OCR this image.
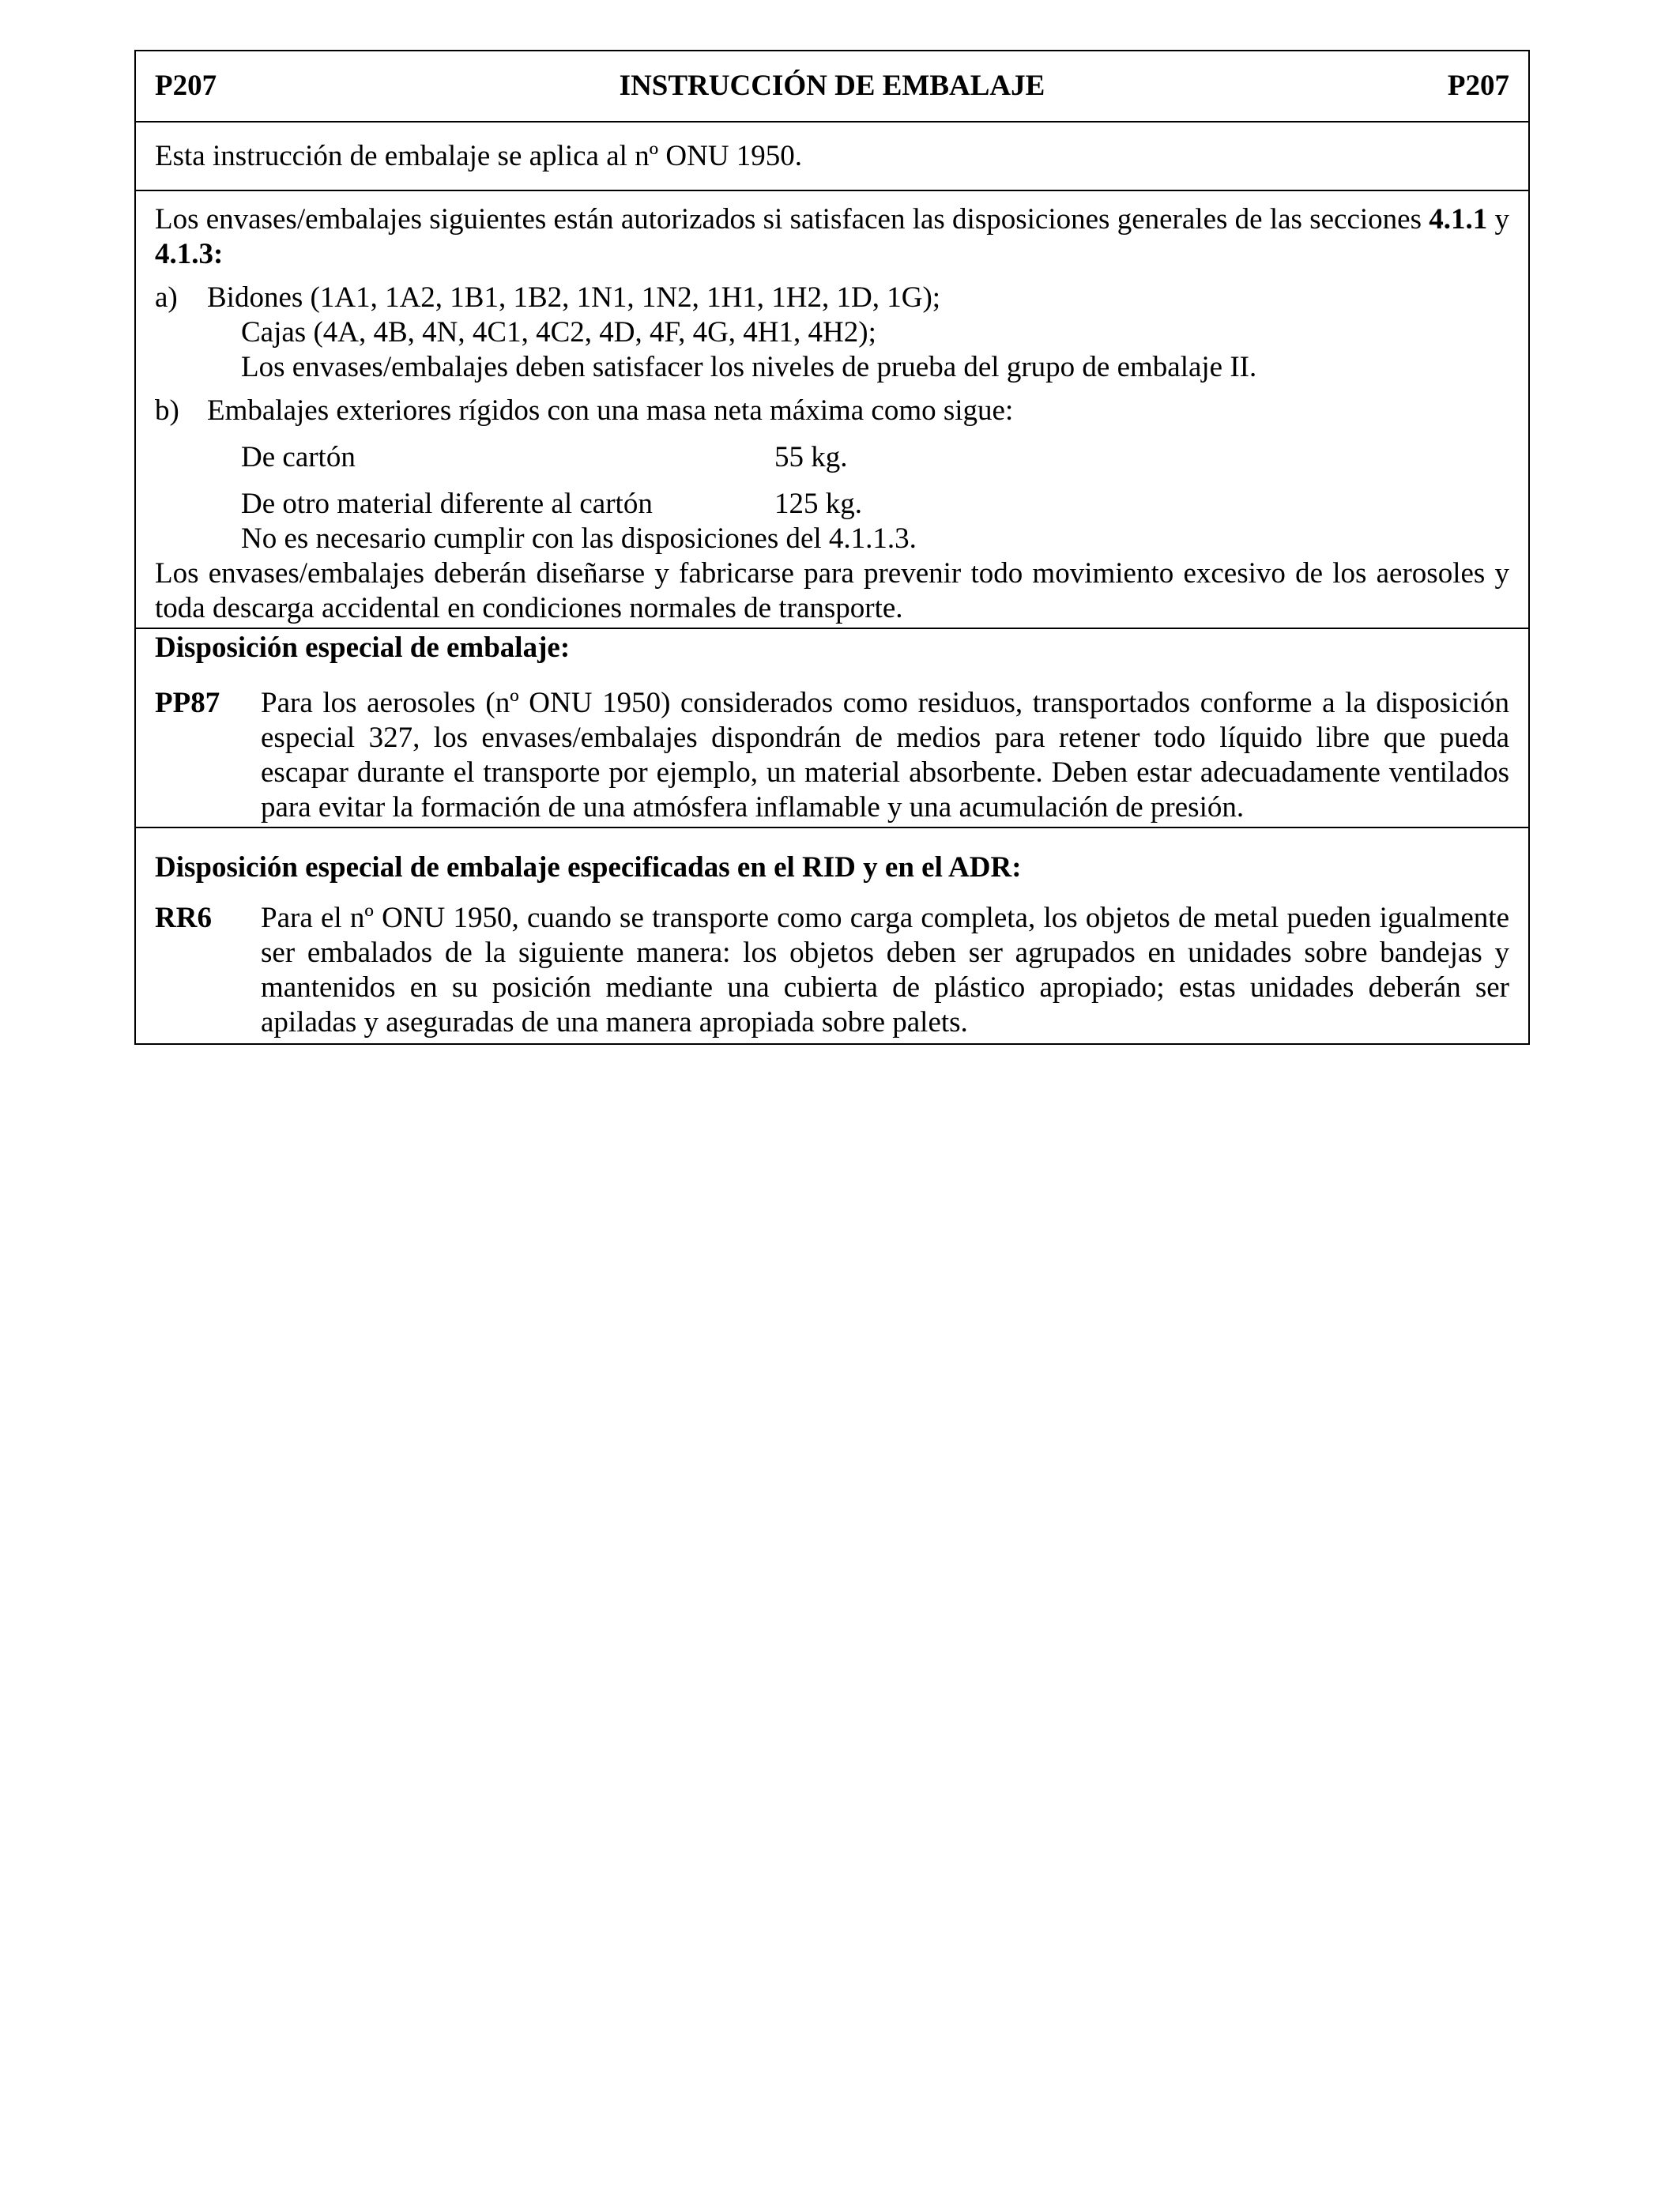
P207	INSTRUCCIÓN DE EMBALAJE	P207
Esta instrucción de embalaje se aplica al nº ONU 1950.

Los envases/embalajes siguientes están autorizados si satisfacen las disposiciones generales de las secciones 4.1.1 y 4.1.3:

a)	Bidones (1A1, 1A2, 1B1, 1B2, 1N1, 1N2, 1H1, 1H2, 1D, 1G);

Cajas (4A, 4B, 4N, 4C1, 4C2, 4D, 4F, 4G, 4H1, 4H2);

Los envases/embalajes deben satisfacer los niveles de prueba del grupo de embalaje II.

b) Embalajes exteriores rígidos con una masa neta máxima como sigue:
De cartón	55 kg.
De otro material diferente al cartón	125 kg.

No es necesario cumplir con las disposiciones del 4.1.1.3.

Los envases/embalajes deberán diseñarse y fabricarse para prevenir todo movimiento excesivo de los aerosoles y toda descarga accidental en condiciones normales de transporte.

Disposición especial de embalaje:
PP87	Para los aerosoles (nº ONU 1950) considerados como residuos, transportados conforme a la disposición especial 327, los envases/embalajes dispondrán de medios para retener todo líquido libre que pueda escapar durante el transporte por ejemplo, un material absorbente. Deben estar adecuadamente ventilados para evitar la formación de una atmósfera inflamable y una acumulación de presión.
Disposición especial de embalaje especificadas en el RID y en el ADR:
RR6	Para el nº ONU 1950, cuando se transporte como carga completa, los objetos de metal pueden igualmente ser embalados de la siguiente manera: los objetos deben ser agrupados en unidades sobre bandejas y mantenidos en su posición mediante una cubierta de plástico apropiado; estas unidades deberán ser apiladas y aseguradas de una manera apropiada sobre palets.
